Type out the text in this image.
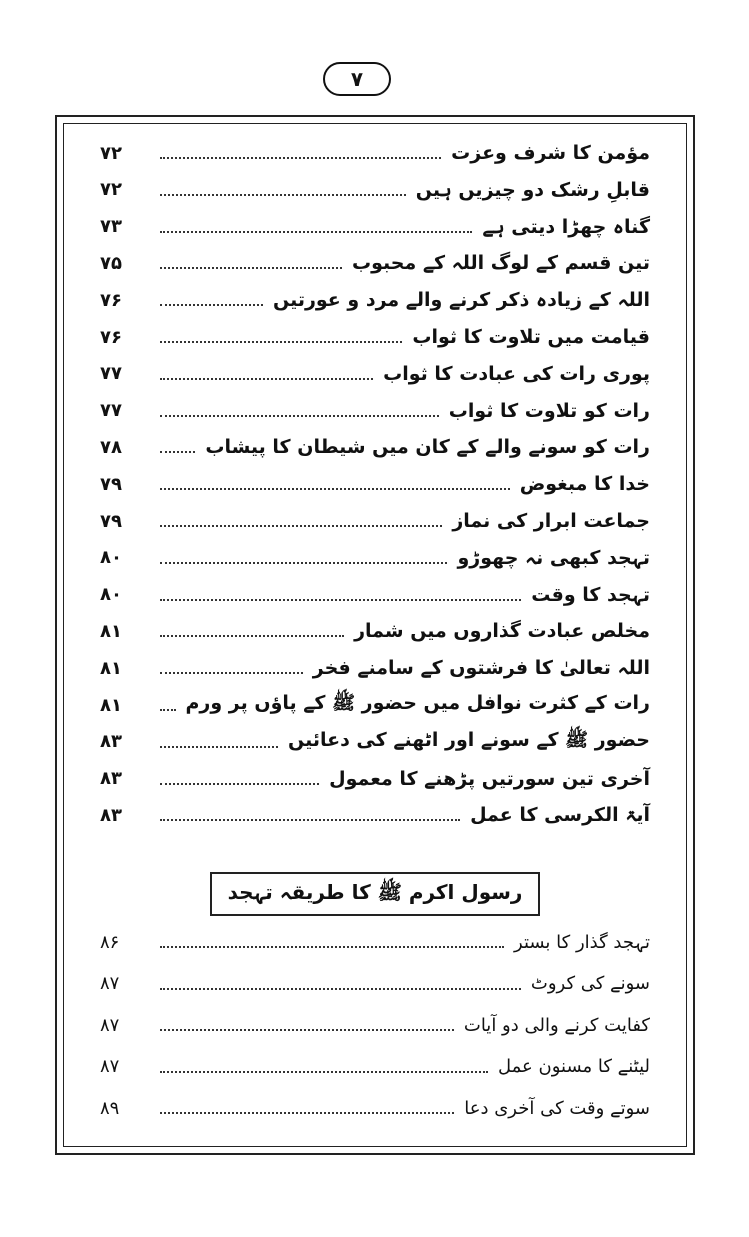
۷
۷۲	مؤمن کا شرف وعزت
۷۲	قابلِ رشک دو چیزیں ہیں
۷۳	گناہ چھڑا دیتی ہے
۷۵	تین قسم کے لوگ اللہ کے محبوب
۷۶	اللہ کے زیادہ ذکر کرنے والے مرد و عورتیں
۷۶	قیامت میں تلاوت کا ثواب
۷۷	پوری رات کی عبادت کا ثواب
۷۷	رات کو تلاوت کا ثواب
۷۸	رات کو سونے والے کے کان میں شیطان کا پیشاب
۷۹	خدا کا مبغوض
۷۹	جماعت ابرار کی نماز
۸۰	تہجد کبھی نہ چھوڑو
۸۰	تہجد کا وقت
۸۱	مخلص عبادت گذاروں میں شمار
۸۱	اللہ تعالیٰ کا فرشتوں کے سامنے فخر
۸۱	رات کے کثرت نوافل میں حضور ﷺ کے پاؤں پر ورم
۸۳	حضور ﷺ کے سونے اور اٹھنے کی دعائیں
۸۳	آخری تین سورتیں پڑھنے کا معمول
۸۳	آیۃ الکرسی کا عمل
رسول اکرم ﷺ کا طریقہ تہجد
۸۶	تہجد گذار کا بستر
۸۷	سونے کی کروٹ
۸۷	کفایت کرنے والی دو آیات
۸۷	لیٹنے کا مسنون عمل
۸۹	سوتے وقت کی آخری دعا
